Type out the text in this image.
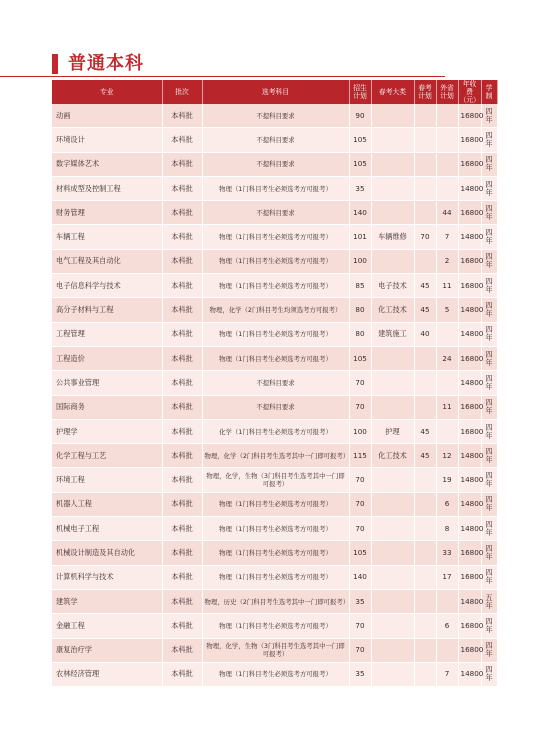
普通本科
专业	批次	选考科目	招生计划	春考大类	春考计划	外省计划	年收费（元）	学制
动画	本科批	不提科目要求	90				16800	四年
环境设计	本科批	不提科目要求	105				16800	四年
数字媒体艺术	本科批	不提科目要求	105				16800	四年
材料成型及控制工程	本科批	物理（1门科目考生必须选考方可报考）	35				14800	四年
财务管理	本科批	不提科目要求	140			44	16800	四年
车辆工程	本科批	物理（1门科目考生必须选考方可报考）	101	车辆维修	70	7	14800	四年
电气工程及其自动化	本科批	物理（1门科目考生必须选考方可报考）	100			2	16800	四年
电子信息科学与技术	本科批	物理（1门科目考生必须选考方可报考）	85	电子技术	45	11	16800	四年
高分子材料与工程	本科批	物理，化学（2门科目考生均须选考方可报考）	80	化工技术	45	5	14800	四年
工程管理	本科批	物理（1门科目考生必须选考方可报考）	80	建筑施工	40		14800	四年
工程造价	本科批	物理（1门科目考生必须选考方可报考）	105			24	16800	四年
公共事业管理	本科批	不提科目要求	70				14800	四年
国际商务	本科批	不提科目要求	70			11	16800	四年
护理学	本科批	化学（1门科目考生必须选考方可报考）	100	护理	45		16800	四年
化学工程与工艺	本科批	物理，化学（2门科目考生选考其中一门即可报考）	115	化工技术	45	12	14800	四年
环境工程	本科批	物理，化学，生物（3门科目考生选考其中一门即可报考）	70			19	14800	四年
机器人工程	本科批	物理（1门科目考生必须选考方可报考）	70			6	14800	四年
机械电子工程	本科批	物理（1门科目考生必须选考方可报考）	70			8	14800	四年
机械设计制造及其自动化	本科批	物理（1门科目考生必须选考方可报考）	105			33	16800	四年
计算机科学与技术	本科批	物理（1门科目考生必须选考方可报考）	140			17	16800	四年
建筑学	本科批	物理，历史（2门科目考生选考其中一门即可报考）	35				14800	五年
金融工程	本科批	物理（1门科目考生必须选考方可报考）	70			6	16800	四年
康复治疗学	本科批	物理，化学，生物（3门科目考生选考其中一门即可报考）	70				16800	四年
农林经济管理	本科批	物理（1门科目考生必须选考方可报考）	35			7	14800	四年
